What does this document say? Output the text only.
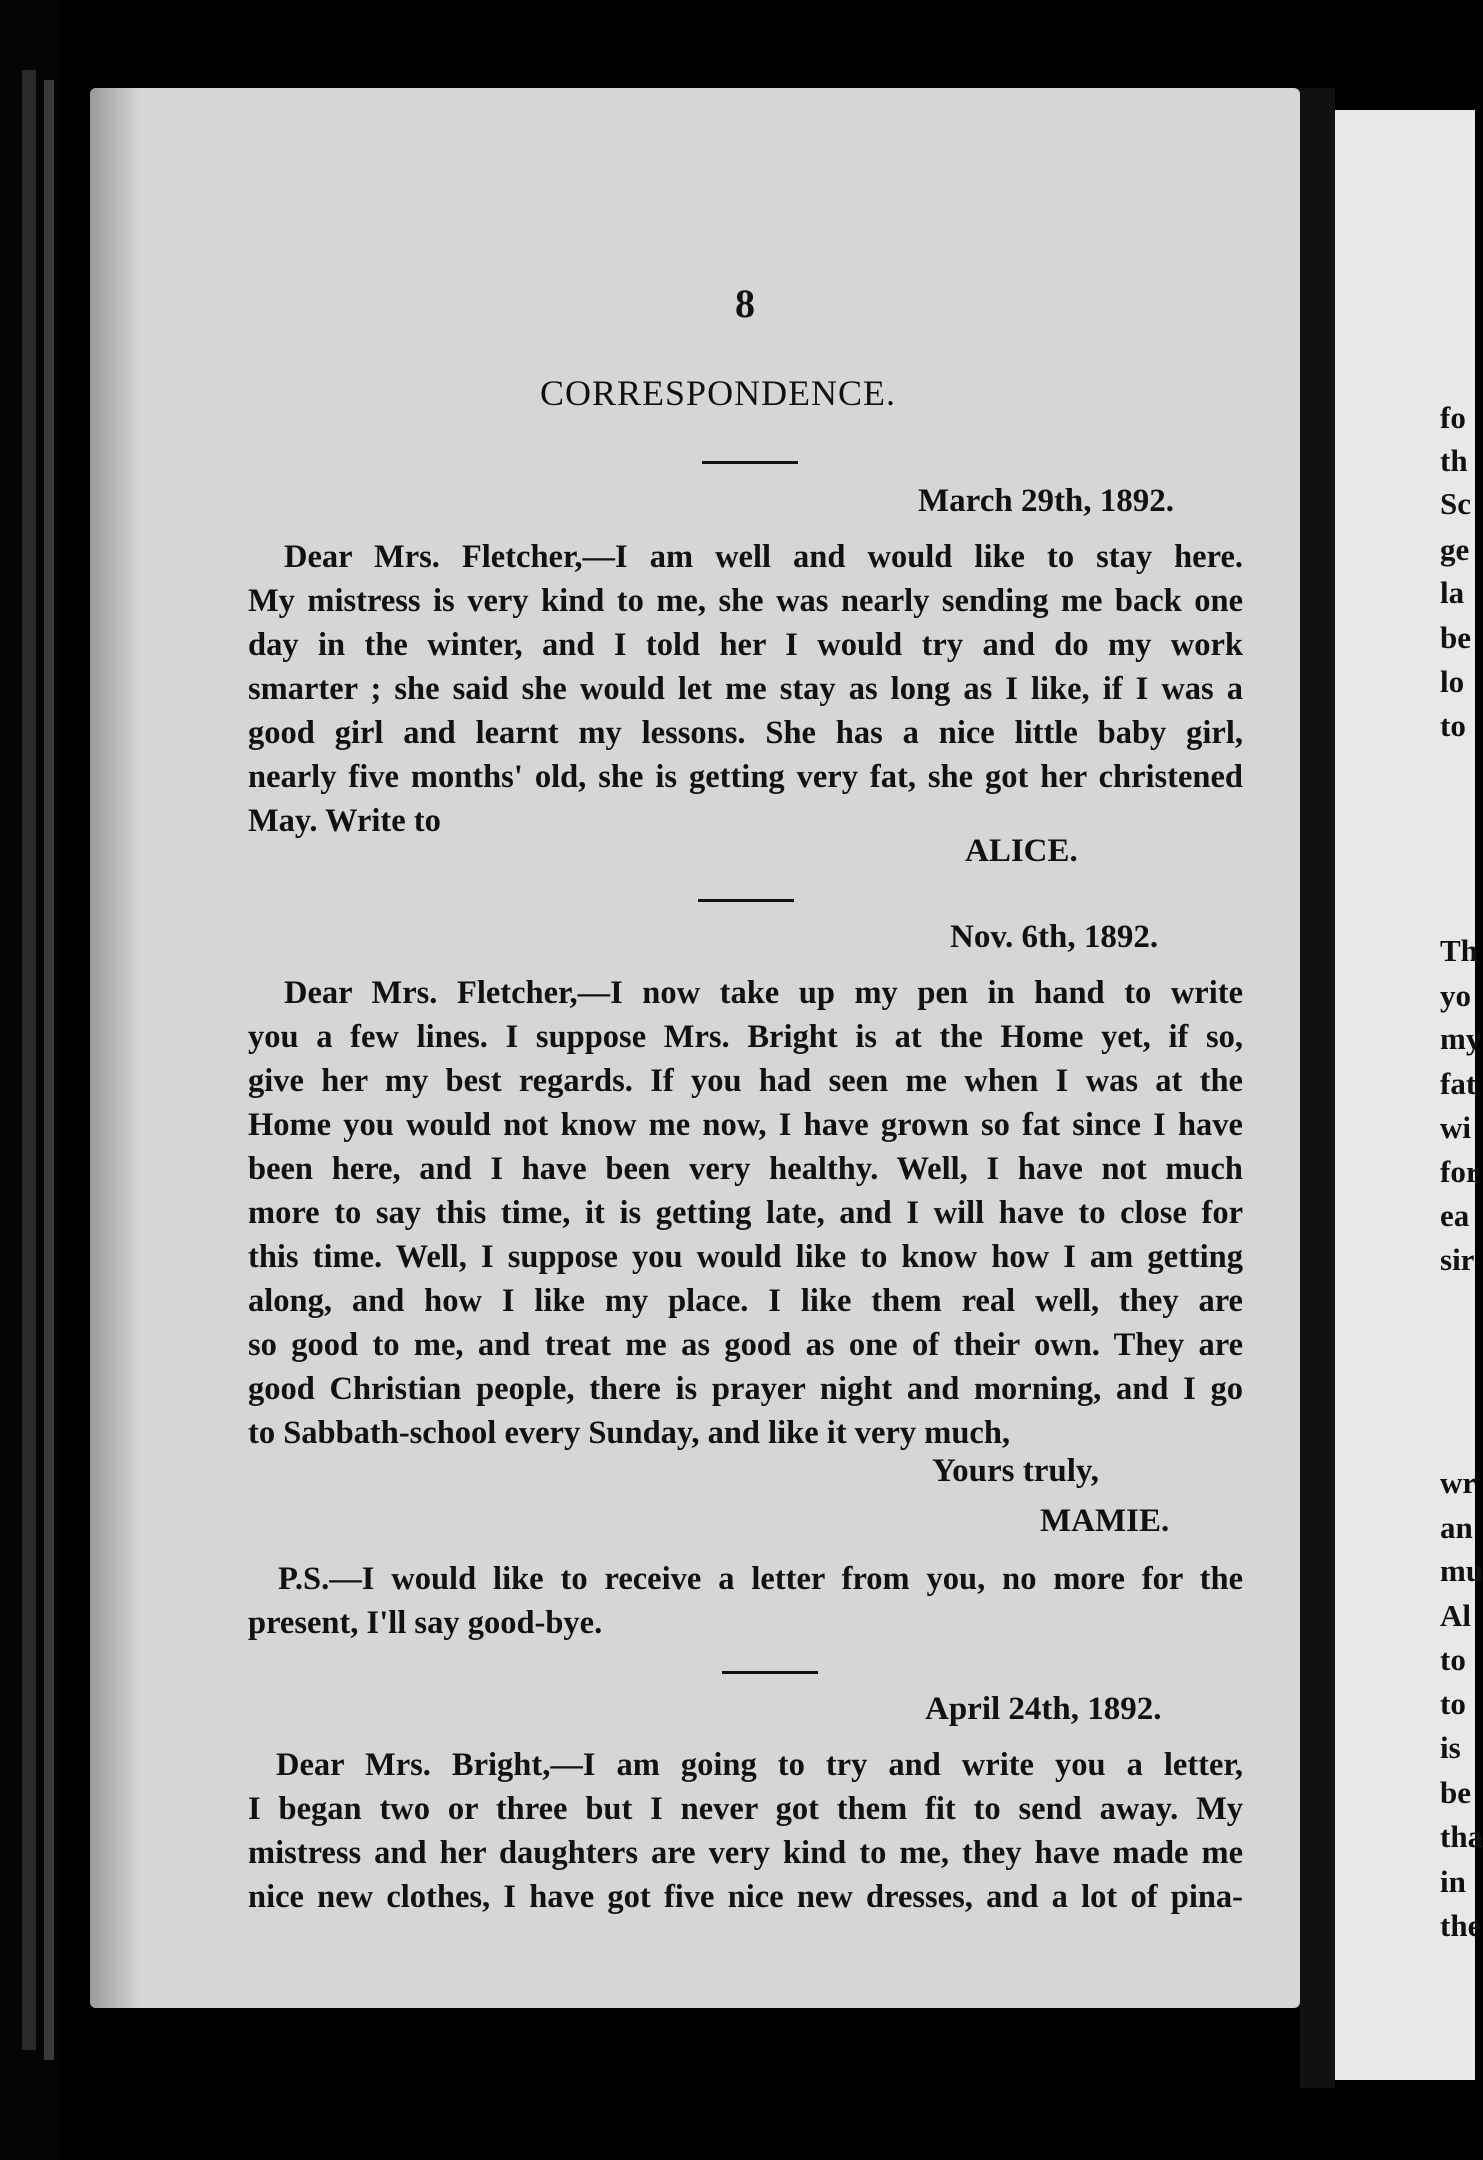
8
CORRESPONDENCE.
March 29th, 1892.
Dear Mrs. Fletcher,—I am well and would like to stay here.
My mistress is very kind to me, she was nearly sending me back one
day in the winter, and I told her I would try and do my work
smarter ; she said she would let me stay as long as I like, if I was a
good girl and learnt my lessons. She has a nice little baby girl,
nearly five months' old, she is getting very fat, she got her christened
May. Write to
ALICE.
Nov. 6th, 1892.
Dear Mrs. Fletcher,—I now take up my pen in hand to write
you a few lines. I suppose Mrs. Bright is at the Home yet, if so,
give her my best regards. If you had seen me when I was at the
Home you would not know me now, I have grown so fat since I have
been here, and I have been very healthy. Well, I have not much
more to say this time, it is getting late, and I will have to close for
this time. Well, I suppose you would like to know how I am getting
along, and how I like my place. I like them real well, they are
so good to me, and treat me as good as one of their own. They are
good Christian people, there is prayer night and morning, and I go
to Sabbath-school every Sunday, and like it very much,
Yours truly,
MAMIE.
P.S.—I would like to receive a letter from you, no more for the
present, I'll say good-bye.
April 24th, 1892.
Dear Mrs. Bright,—I am going to try and write you a letter,
I began two or three but I never got them fit to send away. My
mistress and her daughters are very kind to me, they have made me
nice new clothes, I have got five nice new dresses, and a lot of pina-
fo
th
Sc
ge
la
be
lo
to
Th
yo
my
fat
wi
for
ea
sir
wr
an
mu
Al
to
to
is
be
tha
in
the
